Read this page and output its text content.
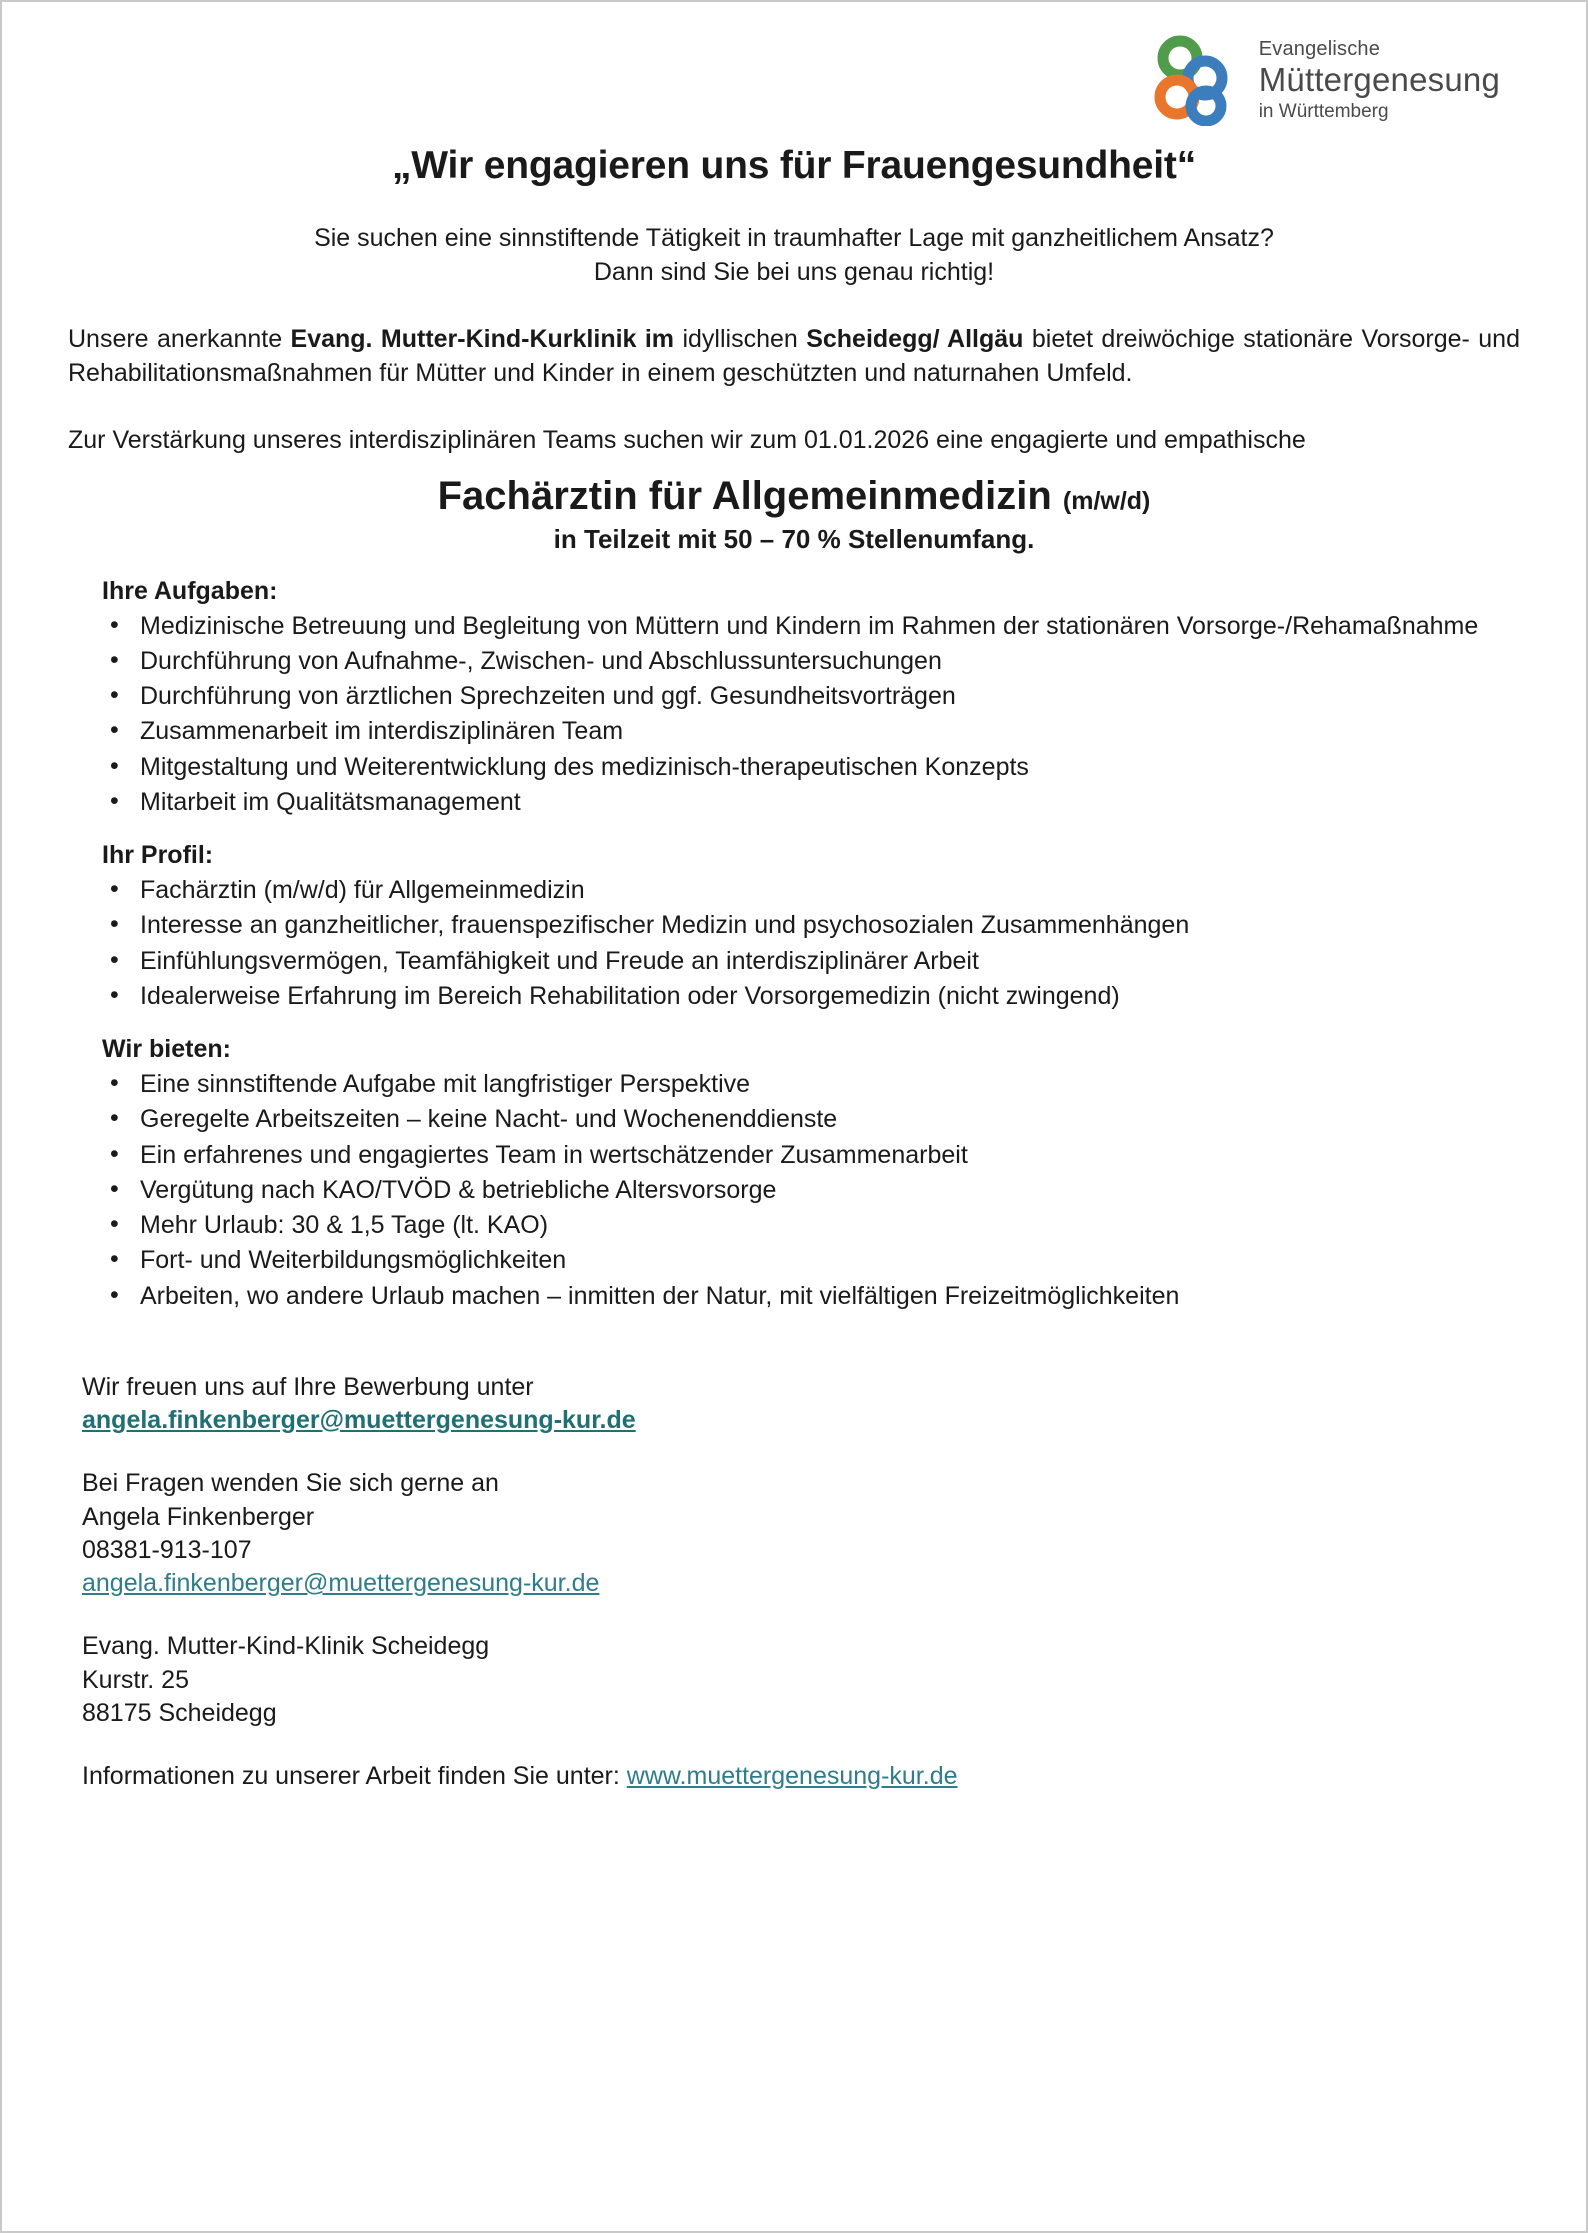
Evangelische
Müttergenesung
in Württemberg
„Wir engagieren uns für Frauengesundheit“
Sie suchen eine sinnstiftende Tätigkeit in traumhafter Lage mit ganzheitlichem Ansatz?
Dann sind Sie bei uns genau richtig!

Unsere anerkannte Evang. Mutter-Kind-Kurklinik im idyllischen Scheidegg/ Allgäu bietet dreiwöchige stationäre Vorsorge- und Rehabilitationsmaßnahmen für Mütter und Kinder in einem geschützten und naturnahen Umfeld.

Zur Verstärkung unseres interdisziplinären Teams suchen wir zum 01.01.2026 eine engagierte und empathische

Fachärztin für Allgemeinmedizin (m/w/d)
in Teilzeit mit 50 – 70 % Stellenumfang.
Ihre Aufgaben:
• Medizinische Betreuung und Begleitung von Müttern und Kindern im Rahmen der stationären Vorsorge-/Rehamaßnahme
• Durchführung von Aufnahme-, Zwischen- und Abschlussuntersuchungen
• Durchführung von ärztlichen Sprechzeiten und ggf. Gesundheitsvorträgen
• Zusammenarbeit im interdisziplinären Team
• Mitgestaltung und Weiterentwicklung des medizinisch-therapeutischen Konzepts
• Mitarbeit im Qualitätsmanagement
Ihr Profil:
• Fachärztin (m/w/d) für Allgemeinmedizin
• Interesse an ganzheitlicher, frauenspezifischer Medizin und psychosozialen Zusammenhängen
• Einfühlungsvermögen, Teamfähigkeit und Freude an interdisziplinärer Arbeit
• Idealerweise Erfahrung im Bereich Rehabilitation oder Vorsorgemedizin (nicht zwingend)
Wir bieten:
• Eine sinnstiftende Aufgabe mit langfristiger Perspektive
• Geregelte Arbeitszeiten – keine Nacht- und Wochenenddienste
• Ein erfahrenes und engagiertes Team in wertschätzender Zusammenarbeit
• Vergütung nach KAO/TVÖD & betriebliche Altersvorsorge
• Mehr Urlaub: 30 & 1,5 Tage (lt. KAO)
• Fort- und Weiterbildungsmöglichkeiten
• Arbeiten, wo andere Urlaub machen – inmitten der Natur, mit vielfältigen Freizeitmöglichkeiten
Wir freuen uns auf Ihre Bewerbung unter
angela.finkenberger@muettergenesung-kur.de
Bei Fragen wenden Sie sich gerne an
Angela Finkenberger
08381-913-107
angela.finkenberger@muettergenesung-kur.de
Evang. Mutter-Kind-Klinik Scheidegg
Kurstr. 25
88175 Scheidegg
Informationen zu unserer Arbeit finden Sie unter: www.muettergenesung-kur.de
